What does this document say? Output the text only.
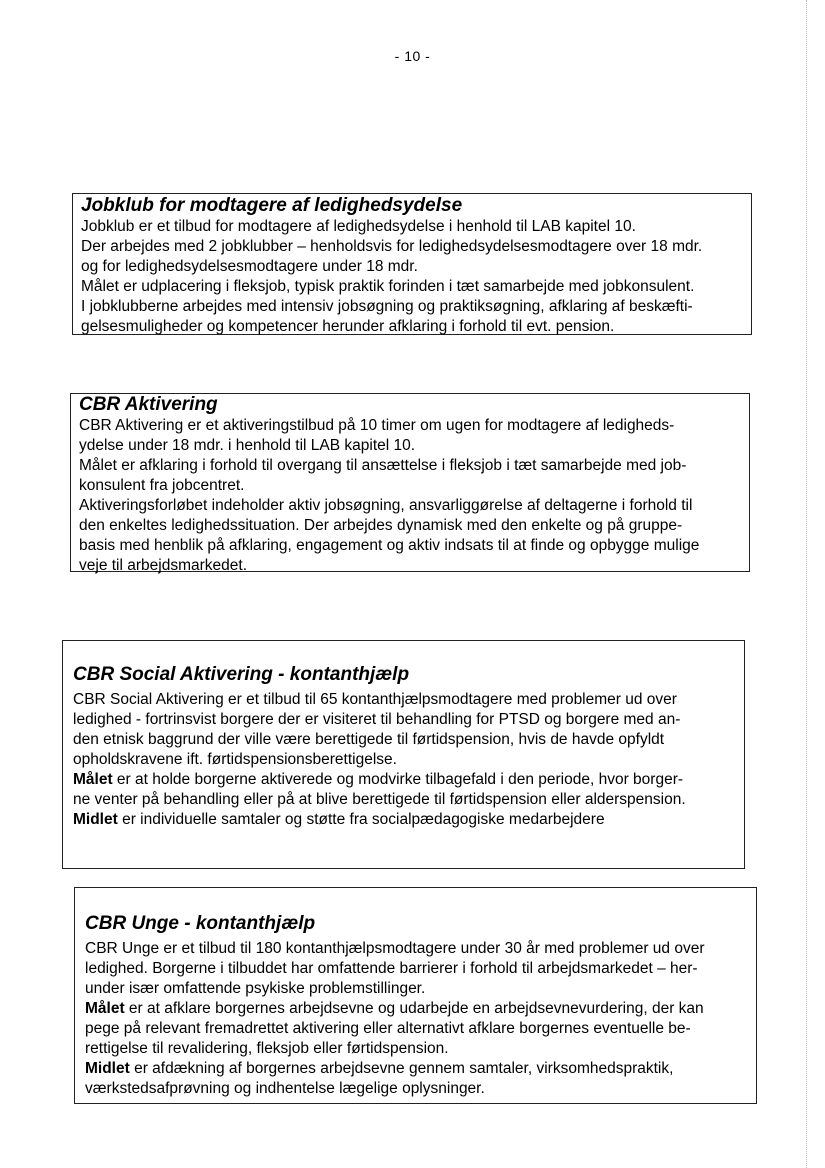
- 10 -
Jobklub for modtagere af ledighedsydelse

Jobklub er et tilbud for modtagere af ledighedsydelse i henhold til LAB kapitel 10.

Der arbejdes med 2 jobklubber – henholdsvis for ledighedsydelsesmodtagere over 18 mdr.

og for ledighedsydelsesmodtagere under 18 mdr.

Målet er udplacering i fleksjob, typisk praktik forinden i tæt samarbejde med jobkonsulent.

I jobklubberne arbejdes med intensiv jobsøgning og praktiksøgning, afklaring af beskæfti-

gelsesmuligheder og kompetencer herunder afklaring i forhold til evt. pension.

CBR Aktivering

CBR Aktivering er et aktiveringstilbud på 10 timer om ugen for modtagere af ledigheds-

ydelse under 18 mdr. i henhold til LAB kapitel 10.

Målet er afklaring i forhold til overgang til ansættelse i fleksjob i tæt samarbejde med job-

konsulent fra jobcentret.

Aktiveringsforløbet indeholder aktiv jobsøgning, ansvarliggørelse af deltagerne i forhold til

den enkeltes ledighedssituation. Der arbejdes dynamisk med den enkelte og på gruppe-

basis med henblik på afklaring, engagement og aktiv indsats til at finde og opbygge mulige

veje til arbejdsmarkedet.

CBR Social Aktivering - kontanthjælp

CBR Social Aktivering er et tilbud til 65 kontanthjælpsmodtagere med problemer ud over

ledighed - fortrinsvist borgere der er visiteret til behandling for PTSD og borgere med an-

den etnisk baggrund der ville være berettigede til førtidspension, hvis de havde opfyldt

opholdskravene ift. førtidspensionsberettigelse.

Målet er at holde borgerne aktiverede og modvirke tilbagefald i den periode, hvor borger-

ne venter på behandling eller på at blive berettigede til førtidspension eller alderspension.

Midlet er individuelle samtaler og støtte fra socialpædagogiske medarbejdere

CBR Unge - kontanthjælp

CBR Unge er et tilbud til 180 kontanthjælpsmodtagere under 30 år med problemer ud over

ledighed. Borgerne i tilbuddet har omfattende barrierer i forhold til arbejdsmarkedet – her-

under især omfattende psykiske problemstillinger.

Målet er at afklare borgernes arbejdsevne og udarbejde en arbejdsevnevurdering, der kan

pege på relevant fremadrettet aktivering eller alternativt afklare borgernes eventuelle be-

rettigelse til revalidering, fleksjob eller førtidspension.

Midlet er afdækning af borgernes arbejdsevne gennem samtaler, virksomhedspraktik,

værkstedsafprøvning og indhentelse lægelige oplysninger.
